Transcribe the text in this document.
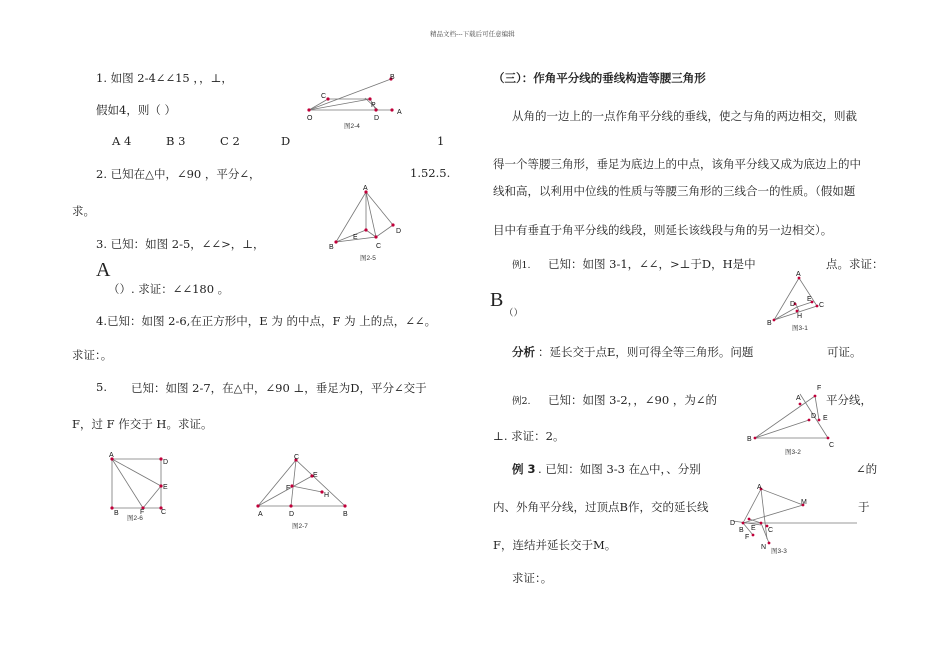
精品文档---下载后可任意编辑
1. 如图 2-4∠∠15 ，，⊥，
假如4，则（ ）
A 4	B 3	C 2	D	1
2. 已知在△中，∠90 ，平分∠，	1.52.5.
求。
3. 已知：如图 2-5，∠∠>，⊥，
A
（）. 求证：∠∠180 。
4.已知：如图 2-6,在正方形中，E 为 的中点，F 为 上的点，∠∠。
求证：。
5. 已知：如图 2-7，在△中，∠90 ⊥，垂足为D，平分∠交于
F，过 F 作交于 H。求证。
B
C
P
O	D
A
图2-4
A
D
E
B	C
图2-5
A
D
E
B	F C
图2-6
C
E
F
H
A	D	B
图2-7
（三）：作角平分线的垂线构造等腰三角形
从角的一边上的一点作角平分线的垂线，使之与角的两边相交，则截
得一个等腰三角形，垂足为底边上的中点，该角平分线又成为底边上的中
线和高，以利用中位线的性质与等腰三角形的三线合一的性质。（假如题
目中有垂直于角平分线的线段，则延长该线段与角的另一边相交）。
例1. 已知：如图 3-1，∠∠，>⊥于D，H是中	点。求证：
B
（）
分析 ：延长交于点E，则可得全等三角形。问题	可证。
例2. 已知：如图 3-2，，∠90 ，为∠的	平分线，
⊥. 求证：2。
例 3 . 已知：如图 3-3 在△中，、分别	∠的
内、外角平分线，过顶点B作，交的延长线	于
F，连结并延长交于M。
求证：。
A
D
E
C
H
B
图3-1
F
A
D E
B
C
图3-2
A
M
D
B E C
F
N
图3-3
